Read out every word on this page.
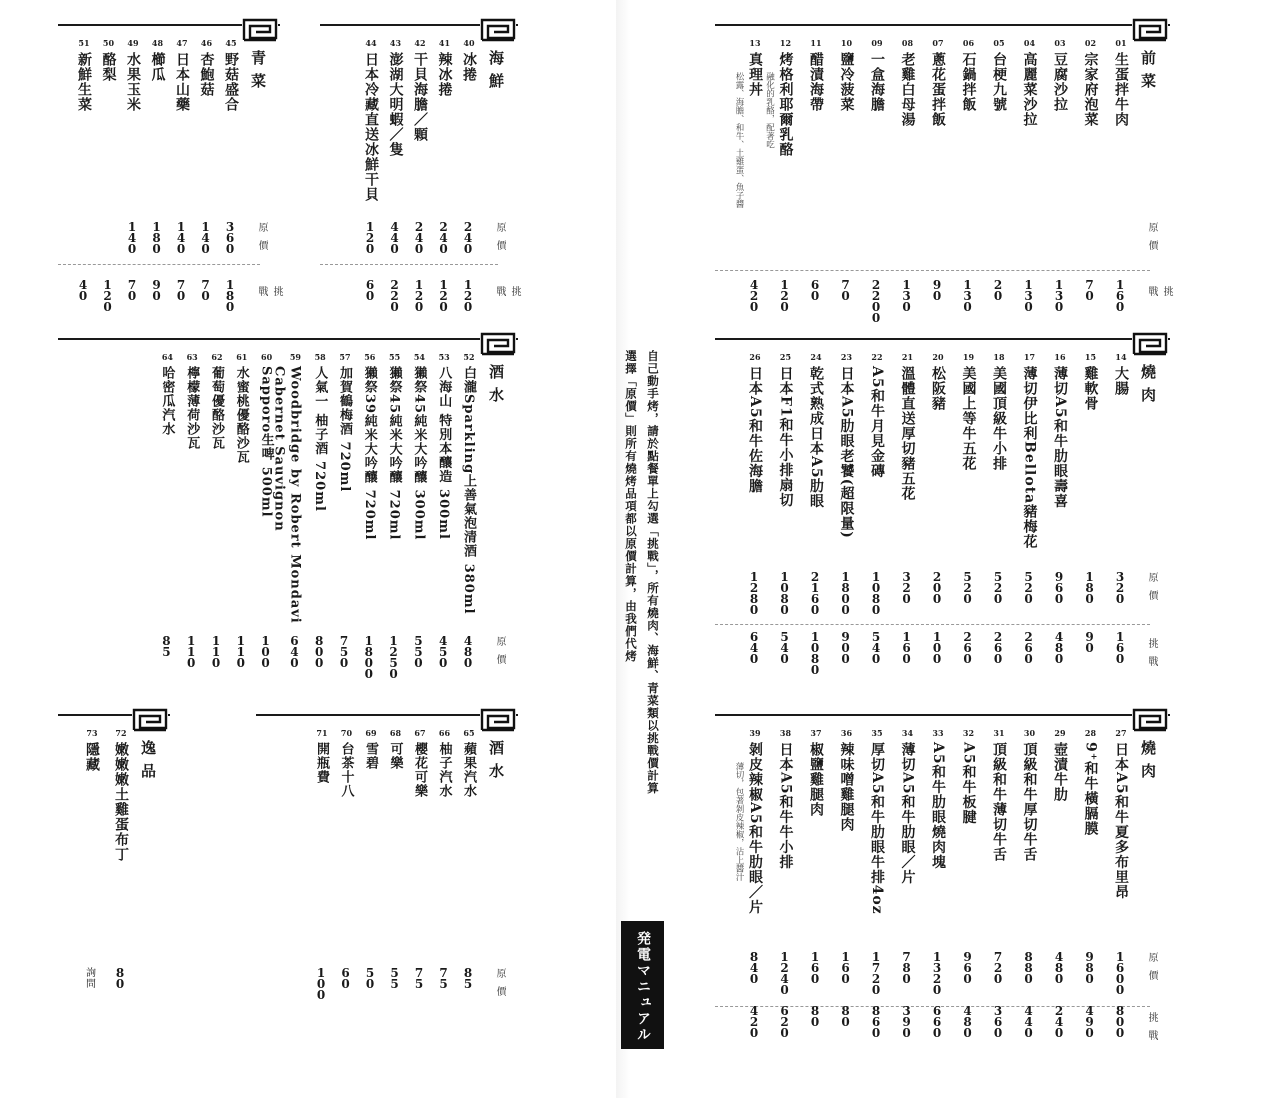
海鮮
原價
挑戰
40
冰捲
240
120
41
辣冰捲
240
120
42
干貝海膽／顆
240
120
43
澎湖大明蝦／隻
440
220
44
日本冷藏直送冰鮮干貝
120
60
青菜
原價
挑戰
45
野菇盛合
360
180
46
杏鮑菇
140
70
47
日本山藥
140
70
48
櫛瓜
180
90
49
水果玉米
140
70
50
酪梨
120
51
新鮮生菜
40
酒水
原價
52
白瀧Sparkling上善氣泡清酒 380ml
480
53
八海山 特別本釀造 300ml
450
54
獺祭45純米大吟釀 300ml
550
55
獺祭45純米大吟釀 720ml
1250
56
獺祭39純米大吟釀 720ml
1800
57
加賀鶴梅酒 720ml
750
58
人氣一 柚子酒 720ml
800
59
Woodbridge by Robert Mondavi
Cabernet Sauvignon
640
60
Sapporo生啤 500ml
100
61
水蜜桃優酪沙瓦
110
62
葡萄優酪沙瓦
110
63
檸檬薄荷沙瓦
110
64
哈密瓜汽水
85
酒水
原價
65
蘋果汽水
85
66
柚子汽水
75
67
櫻花可樂
75
68
可樂
55
69
雪碧
50
70
台茶十八
60
71
開瓶費
100
逸品
72
嫩嫩嫩土雞蛋布丁
80
73
隱藏
詢問
前菜
原價
挑戰
01
生蛋拌牛肉
160
02
宗家府泡菜
70
03
豆腐沙拉
130
04
高麗菜沙拉
130
05
台梗九號
20
06
石鍋拌飯
130
07
蔥花蛋拌飯
90
08
老雞白母湯
130
09
一盒海膽
2200
10
鹽冷菠菜
70
11
醋漬海帶
60
12
烤格利耶爾乳酪
融化的乳酪，配著吃
120
13
真理丼
松露、海膽、和牛、土雞蛋、魚子醬
420
燒肉
原價
挑戰
14
大腸
320
160
15
雞軟骨
180
90
16
薄切A5和牛肋眼壽喜
960
480
17
薄切伊比利Bellota豬梅花
520
260
18
美國頂級牛小排
520
260
19
美國上等牛五花
520
260
20
松阪豬
200
100
21
溫體直送厚切豬五花
320
160
22
A5和牛月見金磚
1080
540
23
日本A5肋眼老饕(超限量)
1800
900
24
乾式熟成日本A5肋眼
2160
1080
25
日本F1和牛小排扇切
1080
540
26
日本A5和牛佐海膽
1280
640
燒肉
原價
挑戰
27
日本A5和牛夏多布里昂
1600
800
28
9⁺和牛橫膈膜
980
490
29
壺漬牛肋
480
240
30
頂級和牛厚切牛舌
880
440
31
頂級和牛薄切牛舌
720
360
32
A5和牛板腱
960
480
33
A5和牛肋眼燒肉塊
1320
660
34
薄切A5和牛肋眼／片
780
390
35
厚切A5和牛肋眼牛排4oz
1720
860
36
辣味噌雞腿肉
160
80
37
椒鹽雞腿肉
160
80
38
日本A5和牛牛小排
1240
620
39
剝皮辣椒A5和牛肋眼／片
薄切，包著剝皮辣椒，沾上醬汁
840
420
自己動手烤，請於點餐單上勾選「挑戰」，所有燒肉、海鮮、青菜類以挑戰價計算
選擇「原價」則所有燒烤品項都以原價計算，由我們代烤
発電マニュアル
